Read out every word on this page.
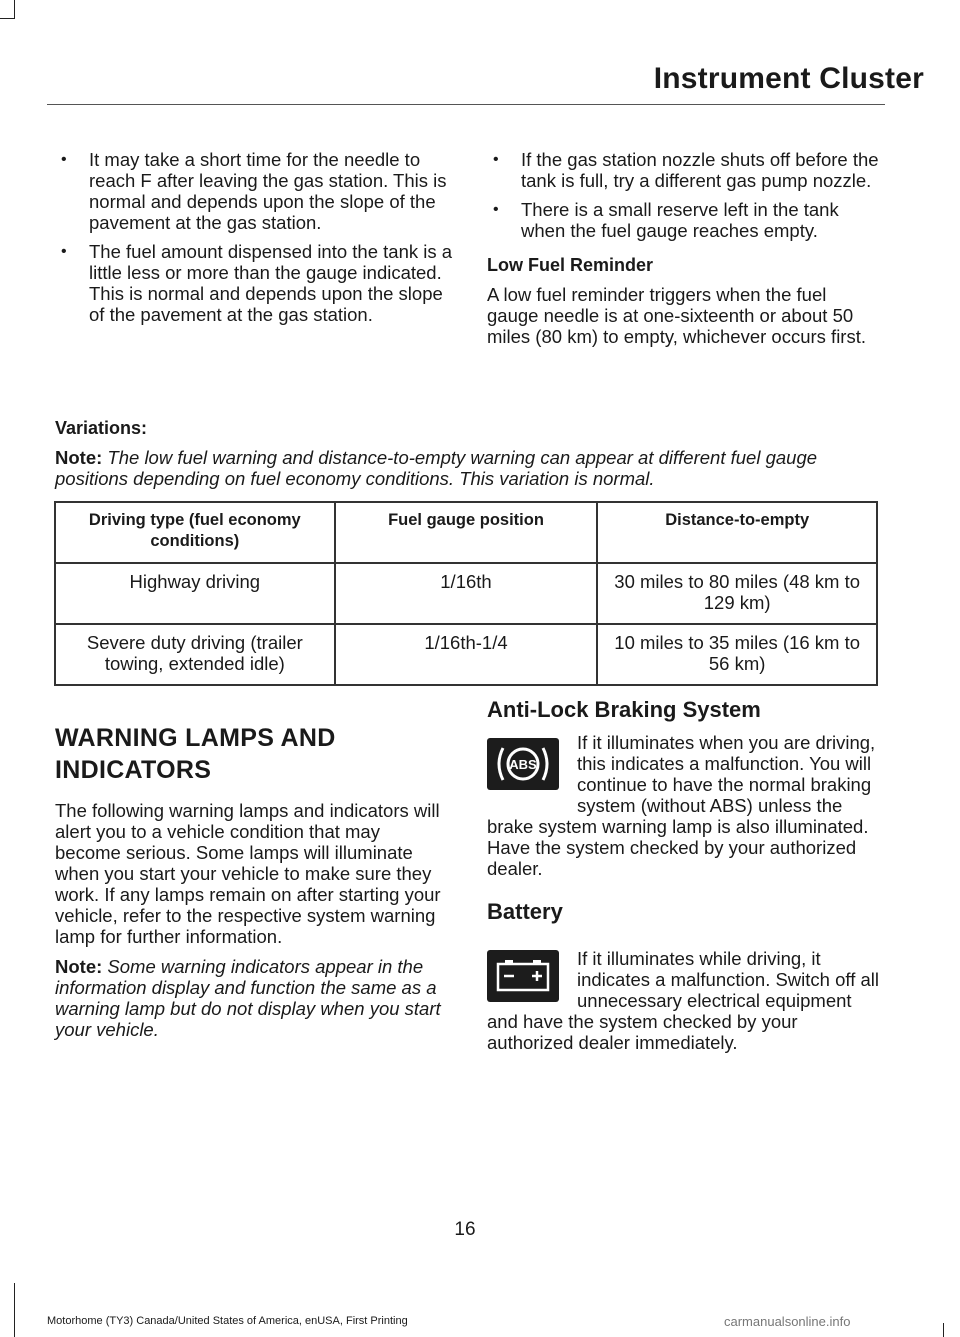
Instrument Cluster
• It may take a short time for the needle to reach F after leaving the gas station. This is normal and depends upon the slope of the pavement at the gas station.
• The fuel amount dispensed into the tank is a little less or more than the gauge indicated. This is normal and depends upon the slope of the pavement at the gas station.
• If the gas station nozzle shuts off before the tank is full, try a different gas pump nozzle.
• There is a small reserve left in the tank when the fuel gauge reaches empty.
Low Fuel Reminder

A low fuel reminder triggers when the fuel gauge needle is at one-sixteenth or about 50 miles (80 km) to empty, whichever occurs first.

Variations:

Note: The low fuel warning and distance-to-empty warning can appear at different fuel gauge positions depending on fuel economy conditions. This variation is normal.

Driving type (fuel economy conditions)	Fuel gauge position	Distance-to-empty
Highway driving	1/16th	30 miles to 80 miles (48 km to 129 km)
Severe duty driving (trailer towing, extended idle)	1/16th-1/4	10 miles to 35 miles (16 km to 56 km)
WARNING LAMPS AND INDICATORS

The following warning lamps and indicators will alert you to a vehicle condition that may become serious. Some lamps will illuminate when you start your vehicle to make sure they work. If any lamps remain on after starting your vehicle, refer to the respective system warning lamp for further information.

Note: Some warning indicators appear in the information display and function the same as a warning lamp but do not display when you start your vehicle.

Anti-Lock Braking System
ABS

If it illuminates when you are driving, this indicates a malfunction. You will continue to have the normal braking system (without ABS) unless the brake system warning lamp is also illuminated. Have the system checked by your authorized dealer.

Battery

If it illuminates while driving, it indicates a malfunction. Switch off all unnecessary electrical equipment and have the system checked by your authorized dealer immediately.

16
Motorhome (TY3) Canada/United States of America, enUSA, First Printing	carmanualsonline.info
